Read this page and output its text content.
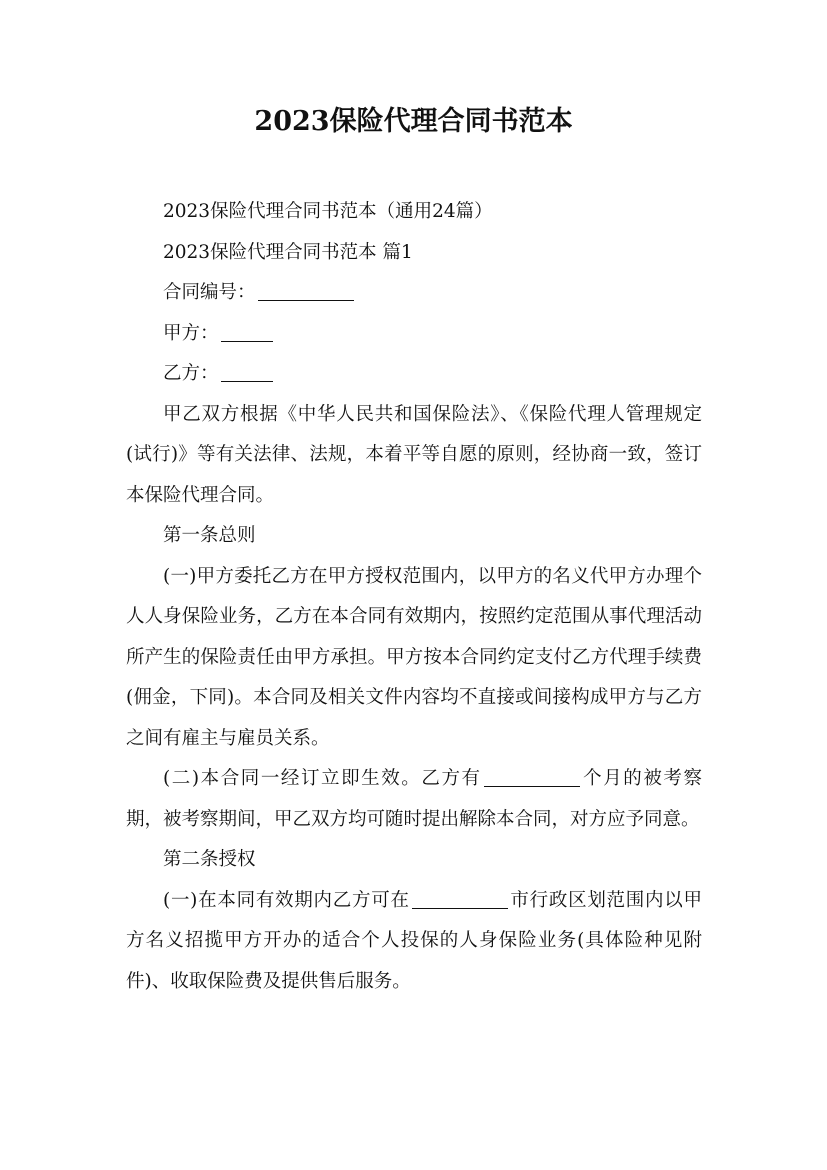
2023保险代理合同书范本

2023保险代理合同书范本（通用24篇）

2023保险代理合同书范本 篇1

合同编号：

甲方：

乙方：

甲乙双方根据《中华人民共和国保险法》、《保险代理人管理规定(试行)》等有关法律、法规，本着平等自愿的原则，经协商一致，签订本保险代理合同。

第一条总则

(一)甲方委托乙方在甲方授权范围内，以甲方的名义代甲方办理个人人身保险业务，乙方在本合同有效期内，按照约定范围从事代理活动所产生的保险责任由甲方承担。甲方按本合同约定支付乙方代理手续费(佣金，下同)。本合同及相关文件内容均不直接或间接构成甲方与乙方之间有雇主与雇员关系。

(二)本合同一经订立即生效。乙方有	个月的被考察期，被考察期间，甲乙双方均可随时提出解除本合同，对方应予同意。

第二条授权

(一)在本同有效期内乙方可在	市行政区划范围内以甲方名义招揽甲方开办的适合个人投保的人身保险业务(具体险种见附件)、收取保险费及提供售后服务。
